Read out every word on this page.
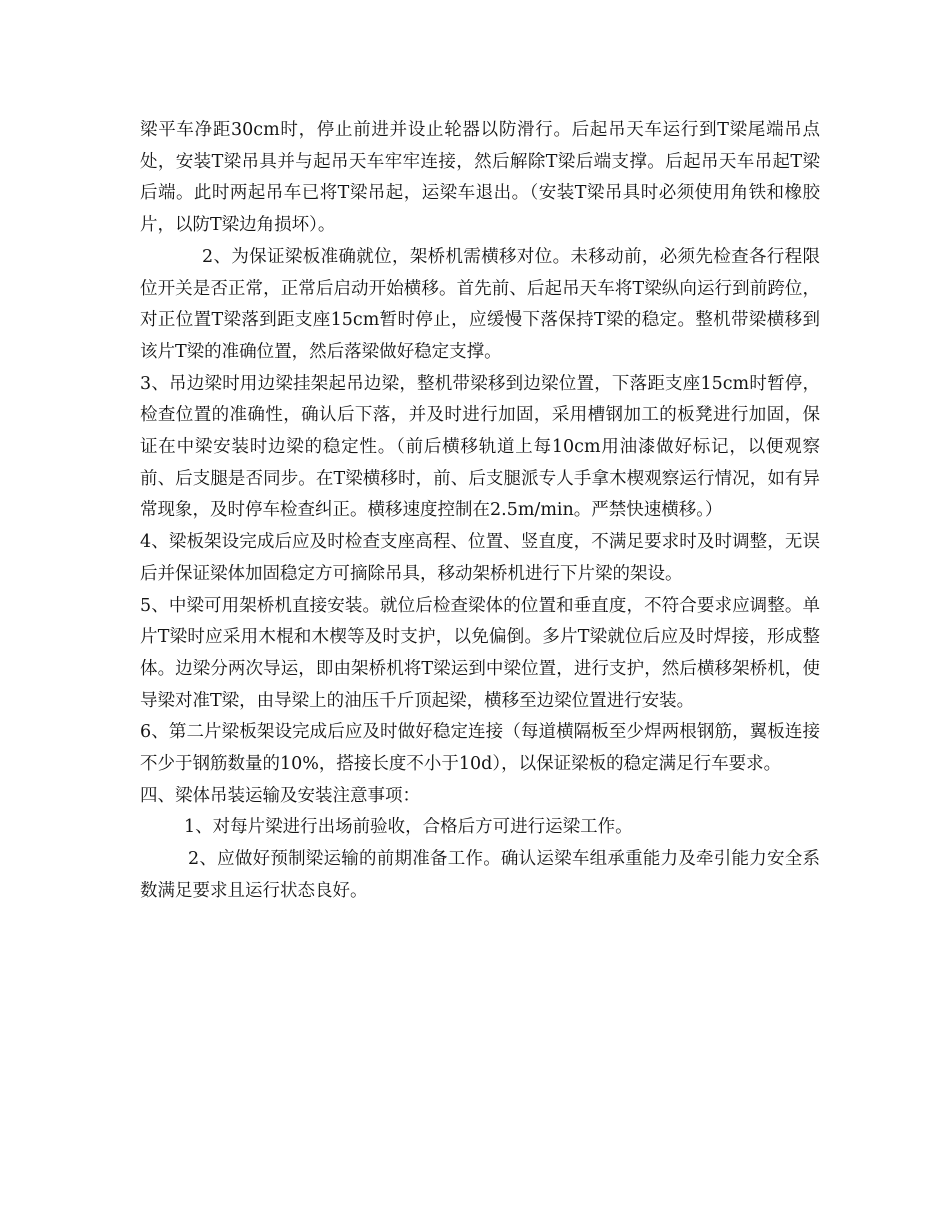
梁平车净距30cm时，停止前进并设止轮器以防滑行。后起吊天车运行到T梁尾端吊点处，安装T梁吊具并与起吊天车牢牢连接，然后解除T梁后端支撑。后起吊天车吊起T梁后端。此时两起吊车已将T梁吊起，运梁车退出。（安装T梁吊具时必须使用角铁和橡胶片，以防T梁边角损坏）。

2、为保证梁板准确就位，架桥机需横移对位。未移动前，必须先检查各行程限位开关是否正常，正常后启动开始横移。首先前、后起吊天车将T梁纵向运行到前跨位，对正位置T梁落到距支座15cm暂时停止，应缓慢下落保持T梁的稳定。整机带梁横移到该片T梁的准确位置，然后落梁做好稳定支撑。

3、吊边梁时用边梁挂架起吊边梁，整机带梁移到边梁位置，下落距支座15cm时暂停，检查位置的准确性，确认后下落，并及时进行加固，采用槽钢加工的板凳进行加固，保证在中梁安装时边梁的稳定性。（前后横移轨道上每10cm用油漆做好标记，以便观察前、后支腿是否同步。在T梁横移时，前、后支腿派专人手拿木楔观察运行情况，如有异常现象，及时停车检查纠正。横移速度控制在2.5m/min。严禁快速横移。）

4、梁板架设完成后应及时检查支座高程、位置、竖直度，不满足要求时及时调整，无误后并保证梁体加固稳定方可摘除吊具，移动架桥机进行下片梁的架设。

5、中梁可用架桥机直接安装。就位后检查梁体的位置和垂直度，不符合要求应调整。单片T梁时应采用木棍和木楔等及时支护，以免偏倒。多片T梁就位后应及时焊接，形成整体。边梁分两次导运，即由架桥机将T梁运到中梁位置，进行支护，然后横移架桥机，使导梁对准T梁，由导梁上的油压千斤顶起梁，横移至边梁位置进行安装。

6、第二片梁板架设完成后应及时做好稳定连接（每道横隔板至少焊两根钢筋，翼板连接不少于钢筋数量的10%，搭接长度不小于10d），以保证梁板的稳定满足行车要求。

四、梁体吊装运输及安装注意事项：

1、对每片梁进行出场前验收，合格后方可进行运梁工作。

2、应做好预制梁运输的前期准备工作。确认运梁车组承重能力及牵引能力安全系数满足要求且运行状态良好。
